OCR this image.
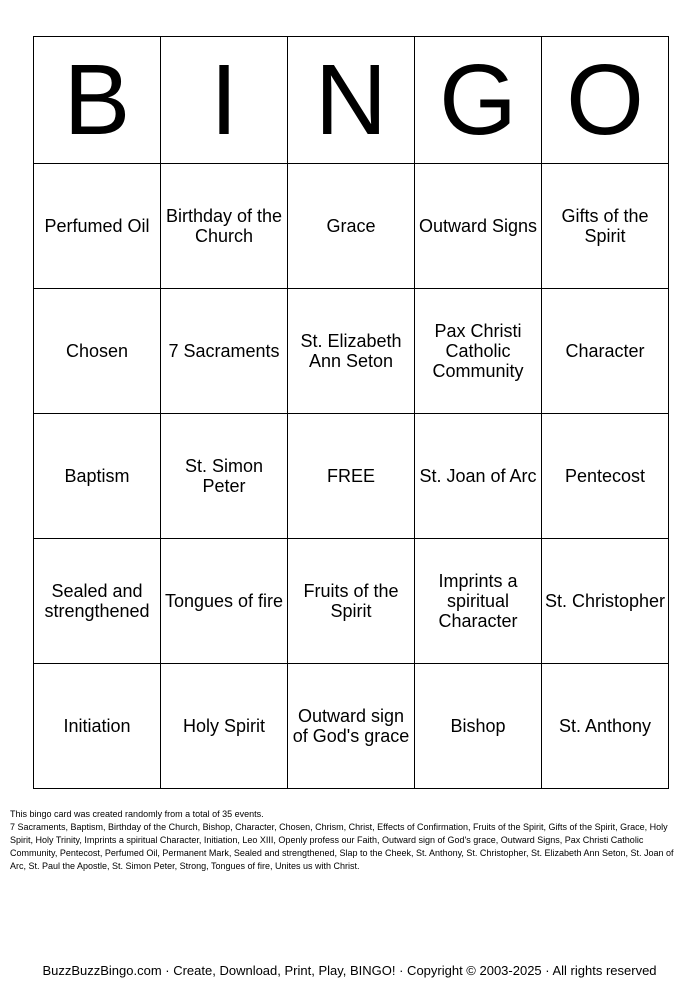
B	I	N	G	O
Perfumed Oil	Birthday of the Church	Grace	Outward Signs	Gifts of the Spirit
Chosen	7 Sacraments	St. Elizabeth Ann Seton	Pax Christi Catholic Community	Character
Baptism	St. Simon Peter	FREE	St. Joan of Arc	Pentecost
Sealed and strengthened	Tongues of fire	Fruits of the Spirit	Imprints a spiritual Character	St. Christopher
Initiation	Holy Spirit	Outward sign of God's grace	Bishop	St. Anthony
This bingo card was created randomly from a total of 35 events.
7 Sacraments, Baptism, Birthday of the Church, Bishop, Character, Chosen, Chrism, Christ, Effects of Confirmation, Fruits of the Spirit, Gifts of the Spirit, Grace, Holy Spirit, Holy Trinity, Imprints a spiritual Character, Initiation, Leo XIII, Openly profess our Faith, Outward sign of God's grace, Outward Signs, Pax Christi Catholic Community, Pentecost, Perfumed Oil, Permanent Mark, Sealed and strengthened, Slap to the Cheek, St. Anthony, St. Christopher, St. Elizabeth Ann Seton, St. Joan of Arc, St. Paul the Apostle, St. Simon Peter, Strong, Tongues of fire, Unites us with Christ.
BuzzBuzzBingo.com · Create, Download, Print, Play, BINGO! · Copyright © 2003-2025 · All rights reserved
